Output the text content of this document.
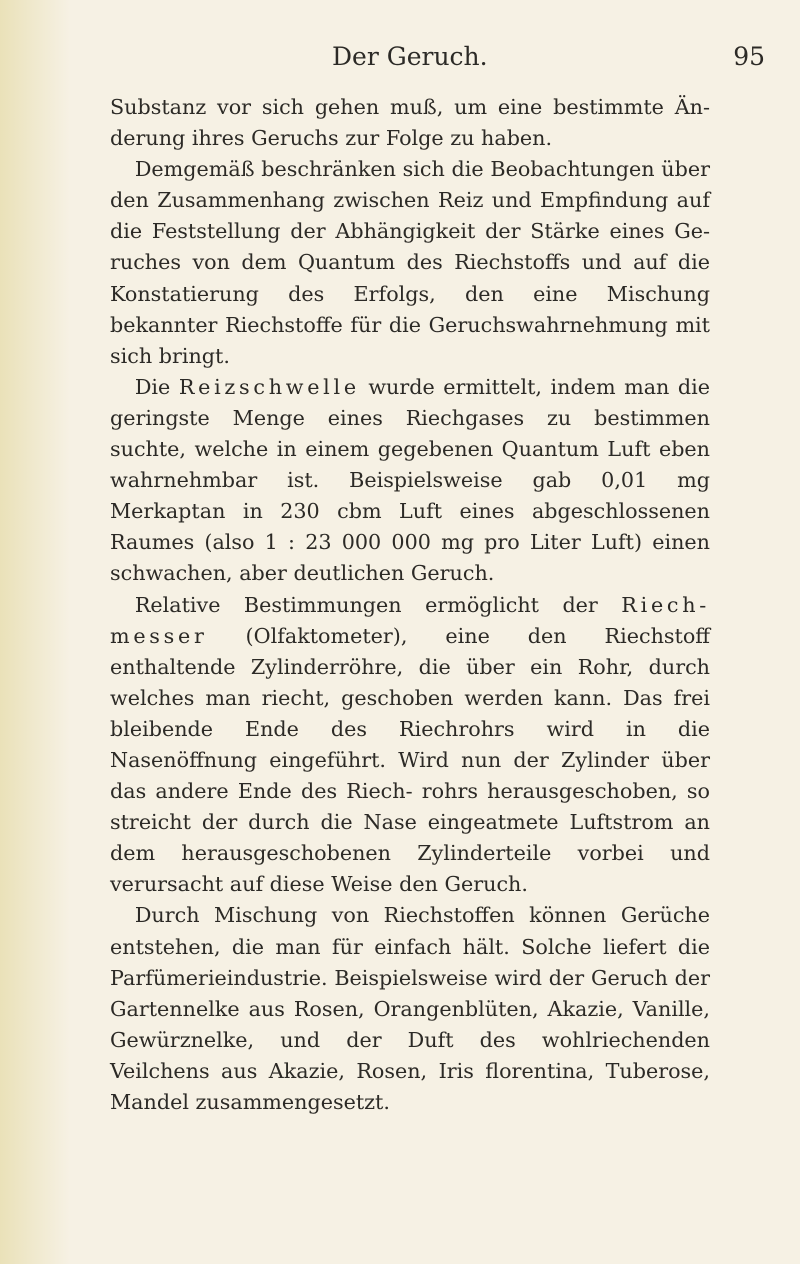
Der Geruch.	95

Substanz vor sich gehen muß, um eine bestimmte Än- derung ihres Geruchs zur Folge zu haben.

Demgemäß beschränken sich die Beobachtungen über den Zusammenhang zwischen Reiz und Empfindung auf die Feststellung der Abhängigkeit der Stärke eines Ge- ruches von dem Quantum des Riechstoffs und auf die Konstatierung des Erfolgs, den eine Mischung bekannter Riechstoffe für die Geruchswahrnehmung mit sich bringt.

Die Reizschwelle wurde ermittelt, indem man die geringste Menge eines Riechgases zu bestimmen suchte, welche in einem gegebenen Quantum Luft eben wahrnehmbar ist. Beispielsweise gab 0,01 mg Merkaptan in 230 cbm Luft eines abgeschlossenen Raumes (also 1 : 23 000 000 mg pro Liter Luft) einen schwachen, aber deutlichen Geruch.

Relative Bestimmungen ermöglicht der Riech- messer (Olfaktometer), eine den Riechstoff enthaltende Zylinderröhre, die über ein Rohr, durch welches man riecht, geschoben werden kann. Das frei bleibende Ende des Riechrohrs wird in die Nasenöffnung eingeführt. Wird nun der Zylinder über das andere Ende des Riech- rohrs herausgeschoben, so streicht der durch die Nase eingeatmete Luftstrom an dem herausgeschobenen Zylinderteile vorbei und verursacht auf diese Weise den Geruch.

Durch Mischung von Riechstoffen können Gerüche entstehen, die man für einfach hält. Solche liefert die Parfümerieindustrie. Beispielsweise wird der Geruch der Gartennelke aus Rosen, Orangenblüten, Akazie, Vanille, Gewürznelke, und der Duft des wohlriechenden Veilchens aus Akazie, Rosen, Iris florentina, Tuberose, Mandel zusammengesetzt.
